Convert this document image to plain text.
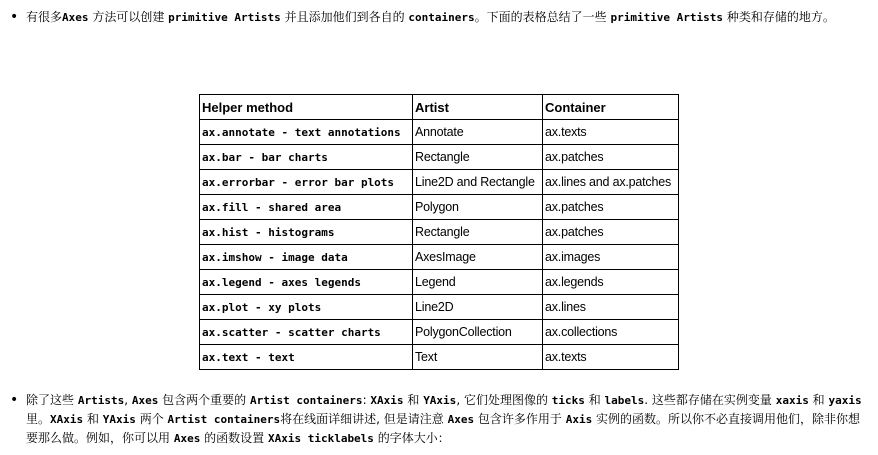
• 有很多Axes 方法可以创建 primitive Artists 并且添加他们到各自的 containers。下面的表格总结了一些 primitive Artists 种类和存储的地方。
Helper method	Artist	Container
ax.annotate - text annotations	Annotate	ax.texts
ax.bar - bar charts	Rectangle	ax.patches
ax.errorbar - error bar plots	Line2D and Rectangle	ax.lines and ax.patches
ax.fill - shared area	Polygon	ax.patches
ax.hist - histograms	Rectangle	ax.patches
ax.imshow - image data	AxesImage	ax.images
ax.legend - axes legends	Legend	ax.legends
ax.plot - xy plots	Line2D	ax.lines
ax.scatter - scatter charts	PolygonCollection	ax.collections
ax.text - text	Text	ax.texts
• 除了这些 Artists, Axes 包含两个重要的 Artist containers: XAxis 和 YAxis, 它们处理图像的 ticks 和 labels. 这些都存储在实例变量 xaxis 和 yaxis 里。XAxis 和 YAxis 两个 Artist containers将在线面详细讲述, 但是请注意 Axes 包含许多作用于 Axis 实例的函数。所以你不必直接调用他们，除非你想要那么做。例如，你可以用 Axes 的函数设置 XAxis ticklabels 的字体大小：
